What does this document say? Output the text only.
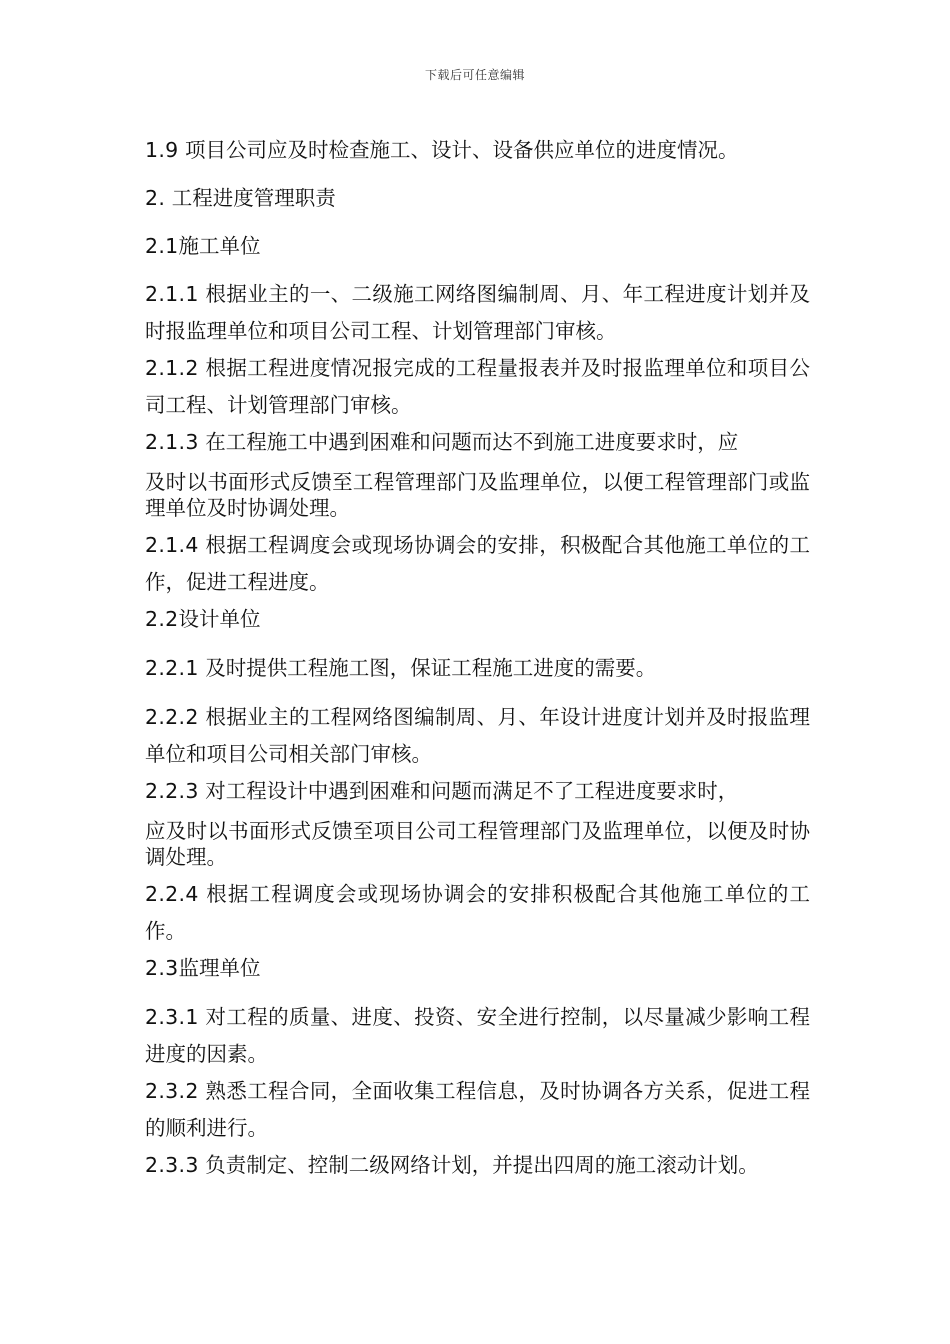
下载后可任意编辑

1.9 项目公司应及时检查施工、设计、设备供应单位的进度情况。

2. 工程进度管理职责

2.1施工单位

2.1.1 根据业主的一、二级施工网络图编制周、月、年工程进度计划并及时报监理单位和项目公司工程、计划管理部门审核。

2.1.2 根据工程进度情况报完成的工程量报表并及时报监理单位和项目公司工程、计划管理部门审核。

2.1.3 在工程施工中遇到困难和问题而达不到施工进度要求时，应

及时以书面形式反馈至工程管理部门及监理单位，以便工程管理部门或监理单位及时协调处理。

2.1.4 根据工程调度会或现场协调会的安排，积极配合其他施工单位的工作，促进工程进度。

2.2设计单位

2.2.1 及时提供工程施工图，保证工程施工进度的需要。

2.2.2 根据业主的工程网络图编制周、月、年设计进度计划并及时报监理单位和项目公司相关部门审核。

2.2.3 对工程设计中遇到困难和问题而满足不了工程进度要求时，

应及时以书面形式反馈至项目公司工程管理部门及监理单位，以便及时协调处理。

2.2.4 根据工程调度会或现场协调会的安排积极配合其他施工单位的工作。

2.3监理单位

2.3.1 对工程的质量、进度、投资、安全进行控制，以尽量减少影响工程进度的因素。

2.3.2 熟悉工程合同，全面收集工程信息，及时协调各方关系，促进工程的顺利进行。

2.3.3 负责制定、控制二级网络计划，并提出四周的施工滚动计划。
